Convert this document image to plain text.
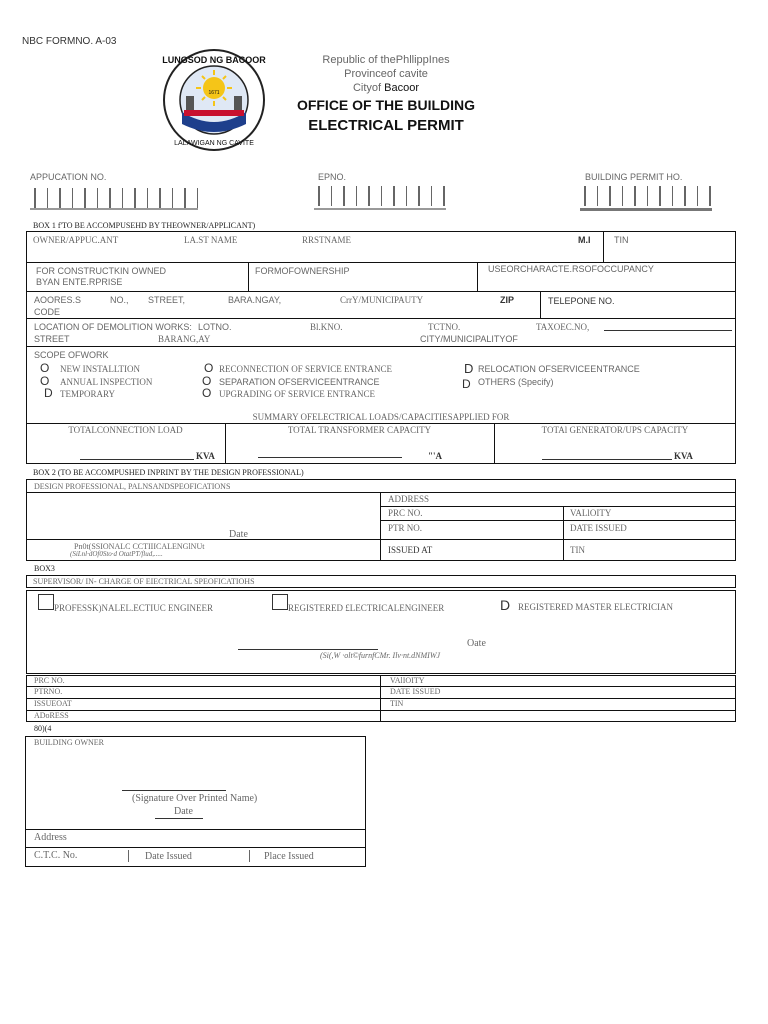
NBC FORMNO. A-03
LUNGSOD NG BACOOR
LALAWIGAN NG CAVITE
1671
Republic of thePhllippInes
Provinceof cavite
Cityof Bacoor
OFFICE OF THE BUILDING
ELECTRICAL PERMIT
APPUCATION NO.	EPNO.	BUILDING PERMIT HO.
BOX 1 f'TO BE ACCOMPUSEHD BY THEOWNER/APPLICANT)
OWNER/APPUC.ANT	LA.ST NAME	RRSTNAME	M.I	TIN
FOR CONSTRUCTKIN OWNED
BYAN ENTE.RPRISE
FORMOFOWNERSHIP	USEORCHARACTE.RSOFOCCUPANCY
AOORES.S	NO., STREET,	BARA.NGAY,	CrrY/MUNICIPAUTY	ZIP
CODE
TELEPONE NO.
LOCATION OF DEMOLITION WORKS: LOTNO.	Bl.KNO.	TCTNO.	TAXOEC.NO,
STREET	BARANG,AY	CITY/MUNICIPALITYOF
SCOPE OFWORK
O NEW INSTALLTION
O ANNUAL INSPECTION
D TEMPORARY
O RECONNECTION OF SERVICE ENTRANCE
O SEPARATION OFSERVICEENTRANCE
O UPGRADING OF SERVICE ENTRANCE
D RELOCATION OFSERVICEENTRANCE
D OTHERS (Specify)
SUMMARY OFELECTRICAL LOADS/CAPACITIESAPPLIED FOR
TOTALCONNECTION LOAD	TOTAL TRANSFORMER CAPACITY	TOTAl GENERATOR/UPS CAPACITY
KVA	"'A	KVA
BOX 2 (TO BE ACCOMPUSHED INPRINT BY THE DESIGN PROFESSIONAL)
DESIGN PROFESSIONAL, PALNSANDSPEOFICATIONS
ADDRESS
PRC NO.	VALlOITY
PTR NO.	DATE ISSUED
Date
Pn0t(SSIONALC CCTIIICALENGlNUt
(SiLnl·dOf0Sto·d OtatPT/flud,.....	ISSUED AT	TIN
BOX3
SUPERVISOR/ IN- CHARGE OF EIECTRICAL SPEOFICATIOHS
PROFESSK)NALEL.ECTIUC ENGINEER	REGISTERED £LECTRICALENGINEER	D REGISTERED MASTER ELECTRICIAN
Oate
(Si(,W ·olt©furnfCMr. Ilv·nt.dNMIWJ
PRC NO.	VAlIOITY
PTRNO.	DATE ISSUED
ISSUEOAT	TIN
ADoRESS
80)(4
BUILDING OWNER
(Signature Over Printed Name)
Date
Address
C.T.C. No.	Date Issued	Place Issued
